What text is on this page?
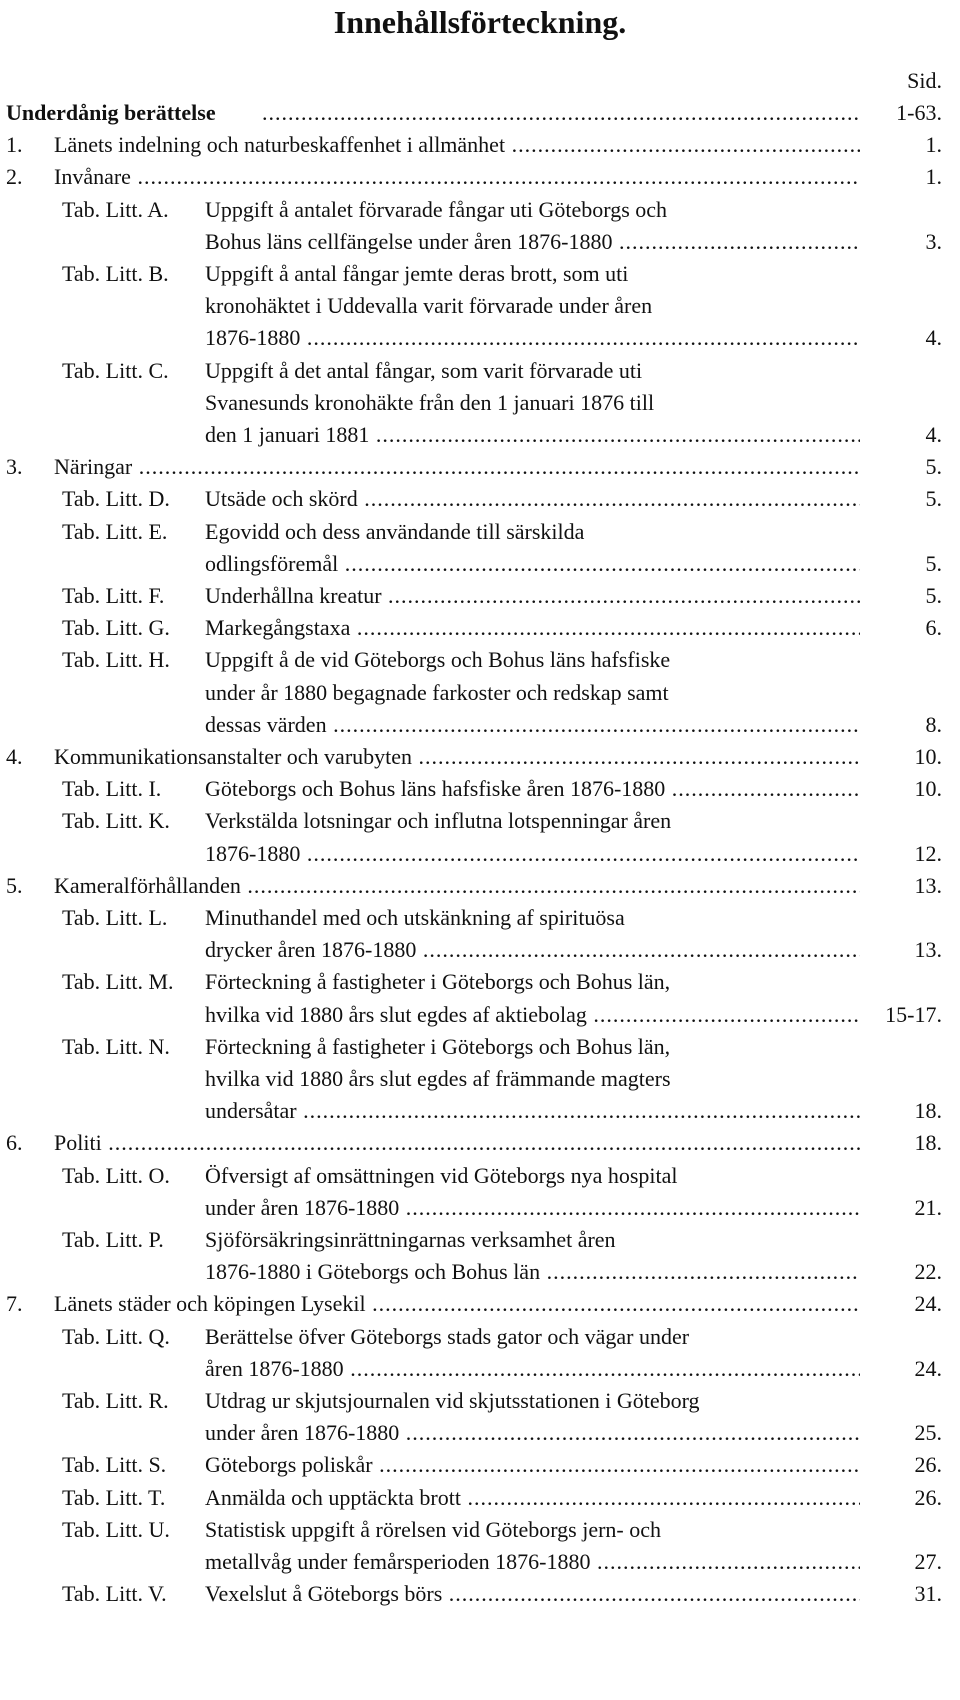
Innehållsförteckning.
Sid.
Underdånig berättelse
.....	1-63.
1. Länets indelning och naturbeskaffenhet i allmänhet .....	1.
2. Invånare .....	1.
Tab. Litt. A. Uppgift å antalet förvarade fångar uti Göteborgs och
Bohus läns cellfängelse under åren 1876-1880 .....	3.
Tab. Litt. B. Uppgift å antal fångar jemte deras brott, som uti
kronohäktet i Uddevalla varit förvarade under åren
1876-1880 .....	4.
Tab. Litt. C. Uppgift å det antal fångar, som varit förvarade uti
Svanesunds kronohäkte från den 1 januari 1876 till
den 1 januari 1881 .....	4.
3. Näringar .....	5.
Tab. Litt. D. Utsäde och skörd .....	5.
Tab. Litt. E. Egovidd och dess användande till särskilda
odlingsföremål .....	5.
Tab. Litt. F. Underhållna kreatur .....	5.
Tab. Litt. G. Markegångstaxa .....	6.
Tab. Litt. H. Uppgift å de vid Göteborgs och Bohus läns hafsfiske
under år 1880 begagnade farkoster och redskap samt
dessas värden .....	8.
4. Kommunikationsanstalter och varubyten .....	10.
Tab. Litt. I. Göteborgs och Bohus läns hafsfiske åren 1876-1880 .....	10.
Tab. Litt. K. Verkstälda lotsningar och influtna lotspenningar åren
1876-1880 .....	12.
5. Kameralförhållanden .....	13.
Tab. Litt. L. Minuthandel med och utskänkning af spirituösa
drycker åren 1876-1880 .....	13.
Tab. Litt. M. Förteckning å fastigheter i Göteborgs och Bohus län,
hvilka vid 1880 års slut egdes af aktiebolag .....	15-17.
Tab. Litt. N. Förteckning å fastigheter i Göteborgs och Bohus län,
hvilka vid 1880 års slut egdes af främmande magters
undersåtar .....	18.
6. Politi .....	18.
Tab. Litt. O. Öfversigt af omsättningen vid Göteborgs nya hospital
under åren 1876-1880 .....	21.
Tab. Litt. P. Sjöförsäkringsinrättningarnas verksamhet åren
1876-1880 i Göteborgs och Bohus län .....	22.
7. Länets städer och köpingen Lysekil .....	24.
Tab. Litt. Q. Berättelse öfver Göteborgs stads gator och vägar under
åren 1876-1880 .....	24.
Tab. Litt. R. Utdrag ur skjutsjournalen vid skjutsstationen i Göteborg
under åren 1876-1880 .....	25.
Tab. Litt. S. Göteborgs poliskår .....	26.
Tab. Litt. T. Anmälda och upptäckta brott .....	26.
Tab. Litt. U. Statistisk uppgift å rörelsen vid Göteborgs jern- och
metallvåg under femårsperioden 1876-1880 .....	27.
Tab. Litt. V. Vexelslut å Göteborgs börs .....	31.
